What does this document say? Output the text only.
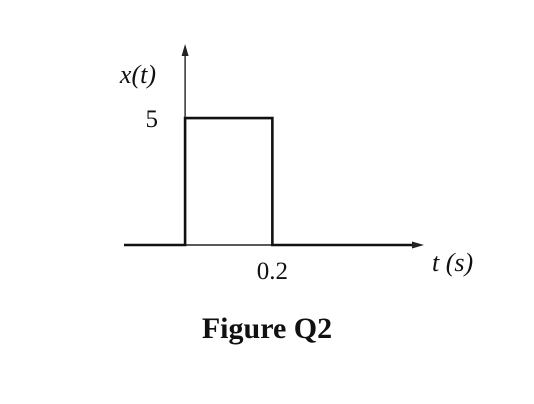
x(t)
t (s)
0.2
5
Figure Q2
